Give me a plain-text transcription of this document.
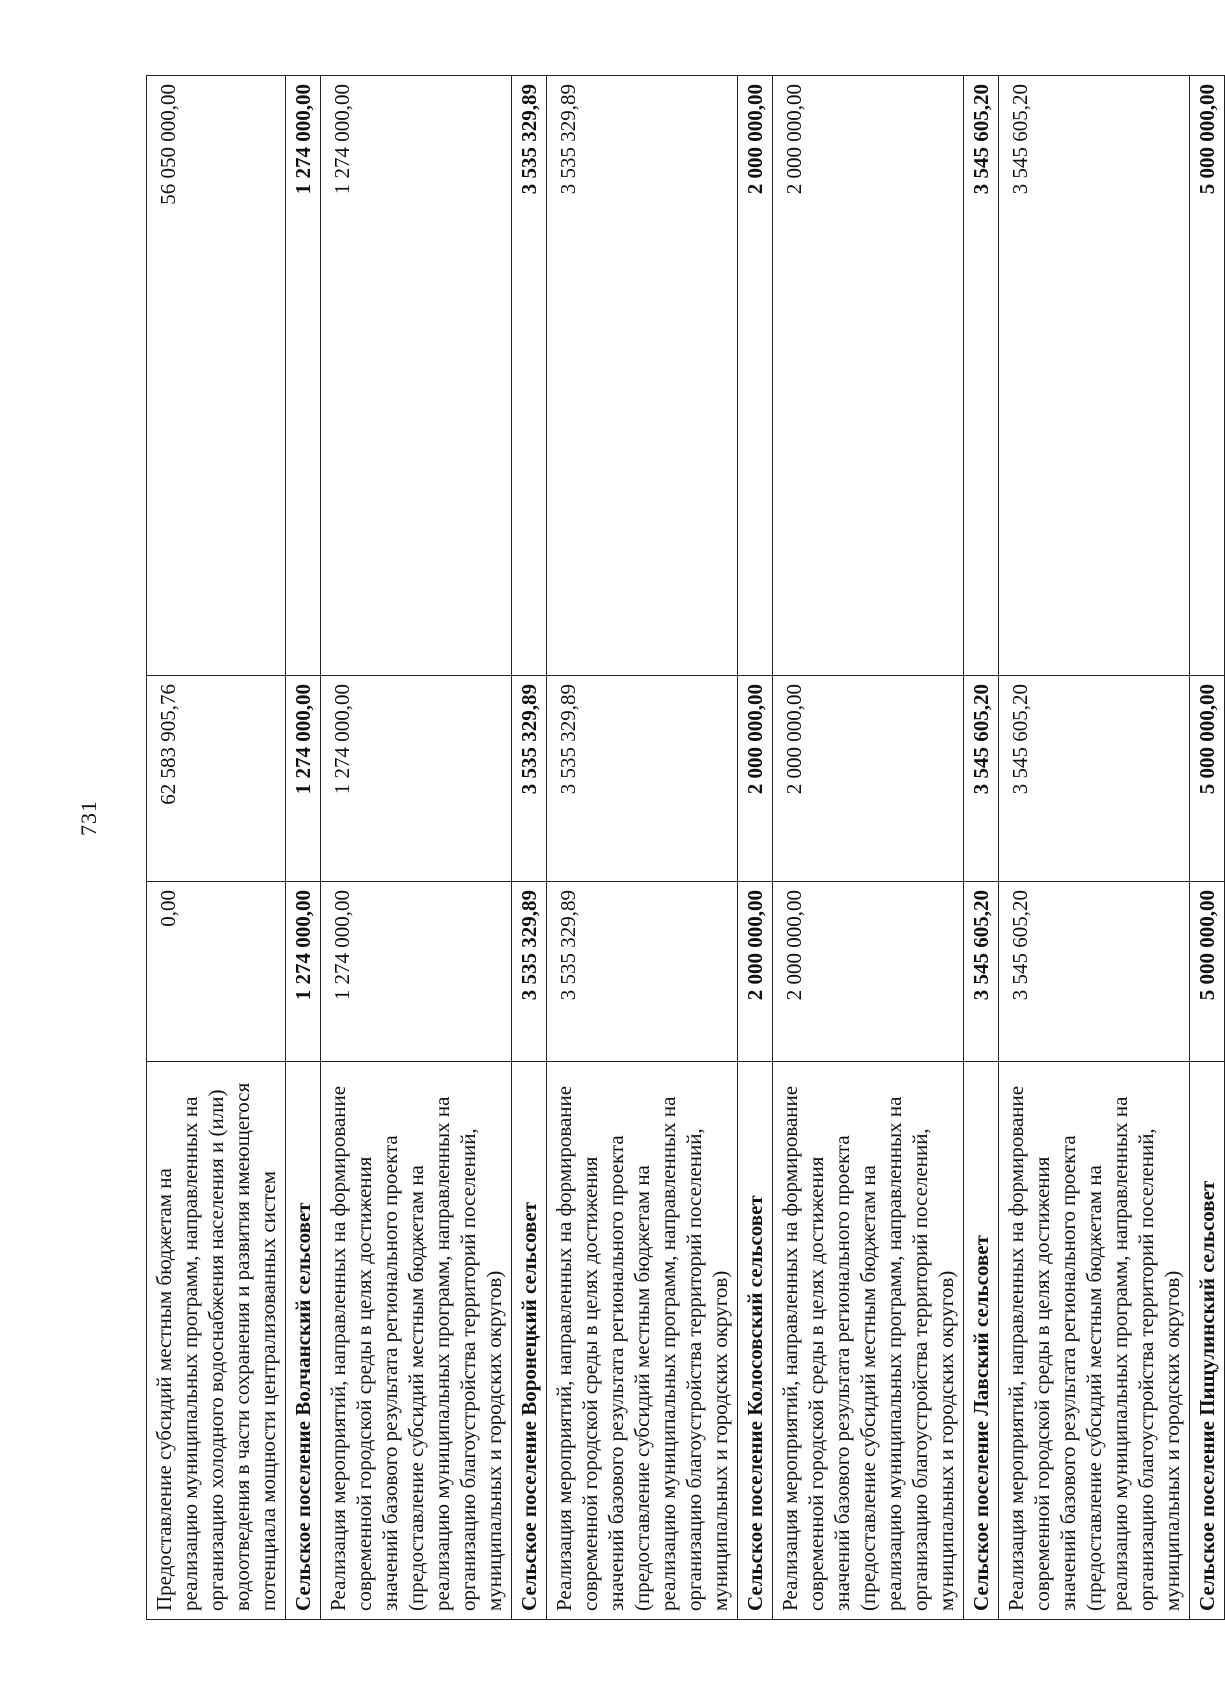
731
Предоставление субсидий местным бюджетам на реализацию муниципальных программ, направленных на организацию холодного водоснабжения населения и (или) водоотведения в части сохранения и развития имеющегося потенциала мощности централизованных систем	0,00	62 583 905,76	56 050 000,00
Сельское поселение Волчанский сельсовет	1 274 000,00	1 274 000,00	1 274 000,00
Реализация мероприятий, направленных на формирование современной городской среды в целях достижения значений базового результата регионального проекта (предоставление субсидий местным бюджетам на реализацию муниципальных программ, направленных на организацию благоустройства территорий поселений, муниципальных и городских округов)	1 274 000,00	1 274 000,00	1 274 000,00
Сельское поселение Воронецкий сельсовет	3 535 329,89	3 535 329,89	3 535 329,89
Реализация мероприятий, направленных на формирование современной городской среды в целях достижения значений базового результата регионального проекта (предоставление субсидий местным бюджетам на реализацию муниципальных программ, направленных на организацию благоустройства территорий поселений, муниципальных и городских округов)	3 535 329,89	3 535 329,89	3 535 329,89
Сельское поселение Колосовский сельсовет	2 000 000,00	2 000 000,00	2 000 000,00
Реализация мероприятий, направленных на формирование современной городской среды в целях достижения значений базового результата регионального проекта (предоставление субсидий местным бюджетам на реализацию муниципальных программ, направленных на организацию благоустройства территорий поселений, муниципальных и городских округов)	2 000 000,00	2 000 000,00	2 000 000,00
Сельское поселение Лавский сельсовет	3 545 605,20	3 545 605,20	3 545 605,20
Реализация мероприятий, направленных на формирование современной городской среды в целях достижения значений базового результата регионального проекта (предоставление субсидий местным бюджетам на реализацию муниципальных программ, направленных на организацию благоустройства территорий поселений, муниципальных и городских округов)	3 545 605,20	3 545 605,20	3 545 605,20
Сельское поселение Пищулинский сельсовет	5 000 000,00	5 000 000,00	5 000 000,00
